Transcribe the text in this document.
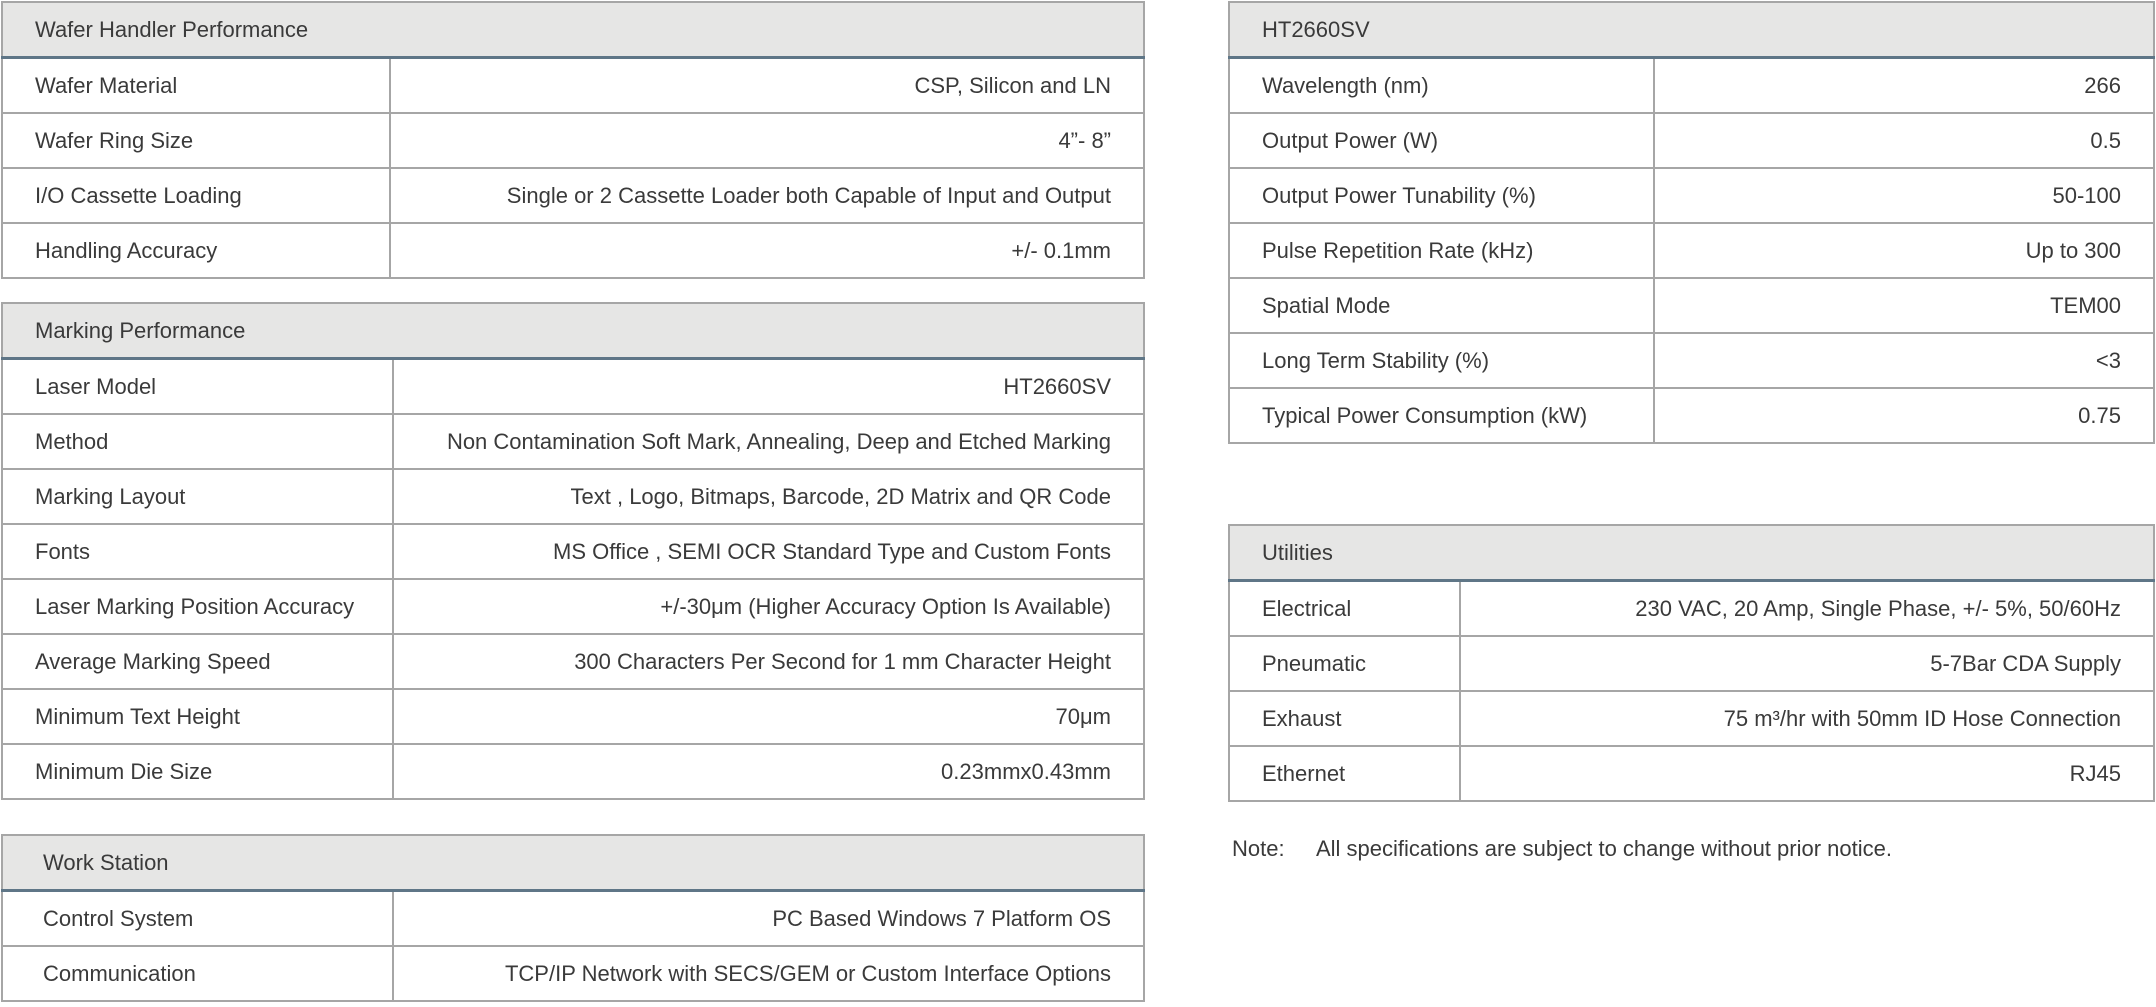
Wafer Handler Performance	
Wafer Material	CSP, Silicon and LN
Wafer Ring Size	4”- 8”
I/O Cassette Loading	Single or 2 Cassette Loader both Capable of Input and Output
Handling Accuracy	+/- 0.1mm
Marking Performance	
Laser Model	HT2660SV
Method	Non Contamination Soft Mark, Annealing, Deep and Etched Marking
Marking Layout	Text , Logo, Bitmaps, Barcode, 2D Matrix and QR Code
Fonts	MS Office , SEMI OCR Standard Type and Custom Fonts
Laser Marking Position Accuracy	+/-30μm (Higher Accuracy Option Is Available)
Average Marking Speed	300 Characters Per Second for 1 mm Character Height
Minimum Text Height	70μm
Minimum Die Size	0.23mmx0.43mm
Work Station	
Control System	PC Based Windows 7 Platform OS
Communication	TCP/IP Network with SECS/GEM or Custom Interface Options
HT2660SV	
Wavelength (nm)	266
Output Power (W)	0.5
Output Power Tunability (%)	50-100
Pulse Repetition Rate (kHz)	Up to 300
Spatial Mode	TEM00
Long Term Stability (%)	<3
Typical Power Consumption (kW)	0.75
Utilities	
Electrical	230 VAC, 20 Amp, Single Phase, +/- 5%, 50/60Hz
Pneumatic	5-7Bar CDA Supply
Exhaust	75 m³/hr with 50mm ID Hose Connection
Ethernet	RJ45
Note: All specifications are subject to change without prior notice.
